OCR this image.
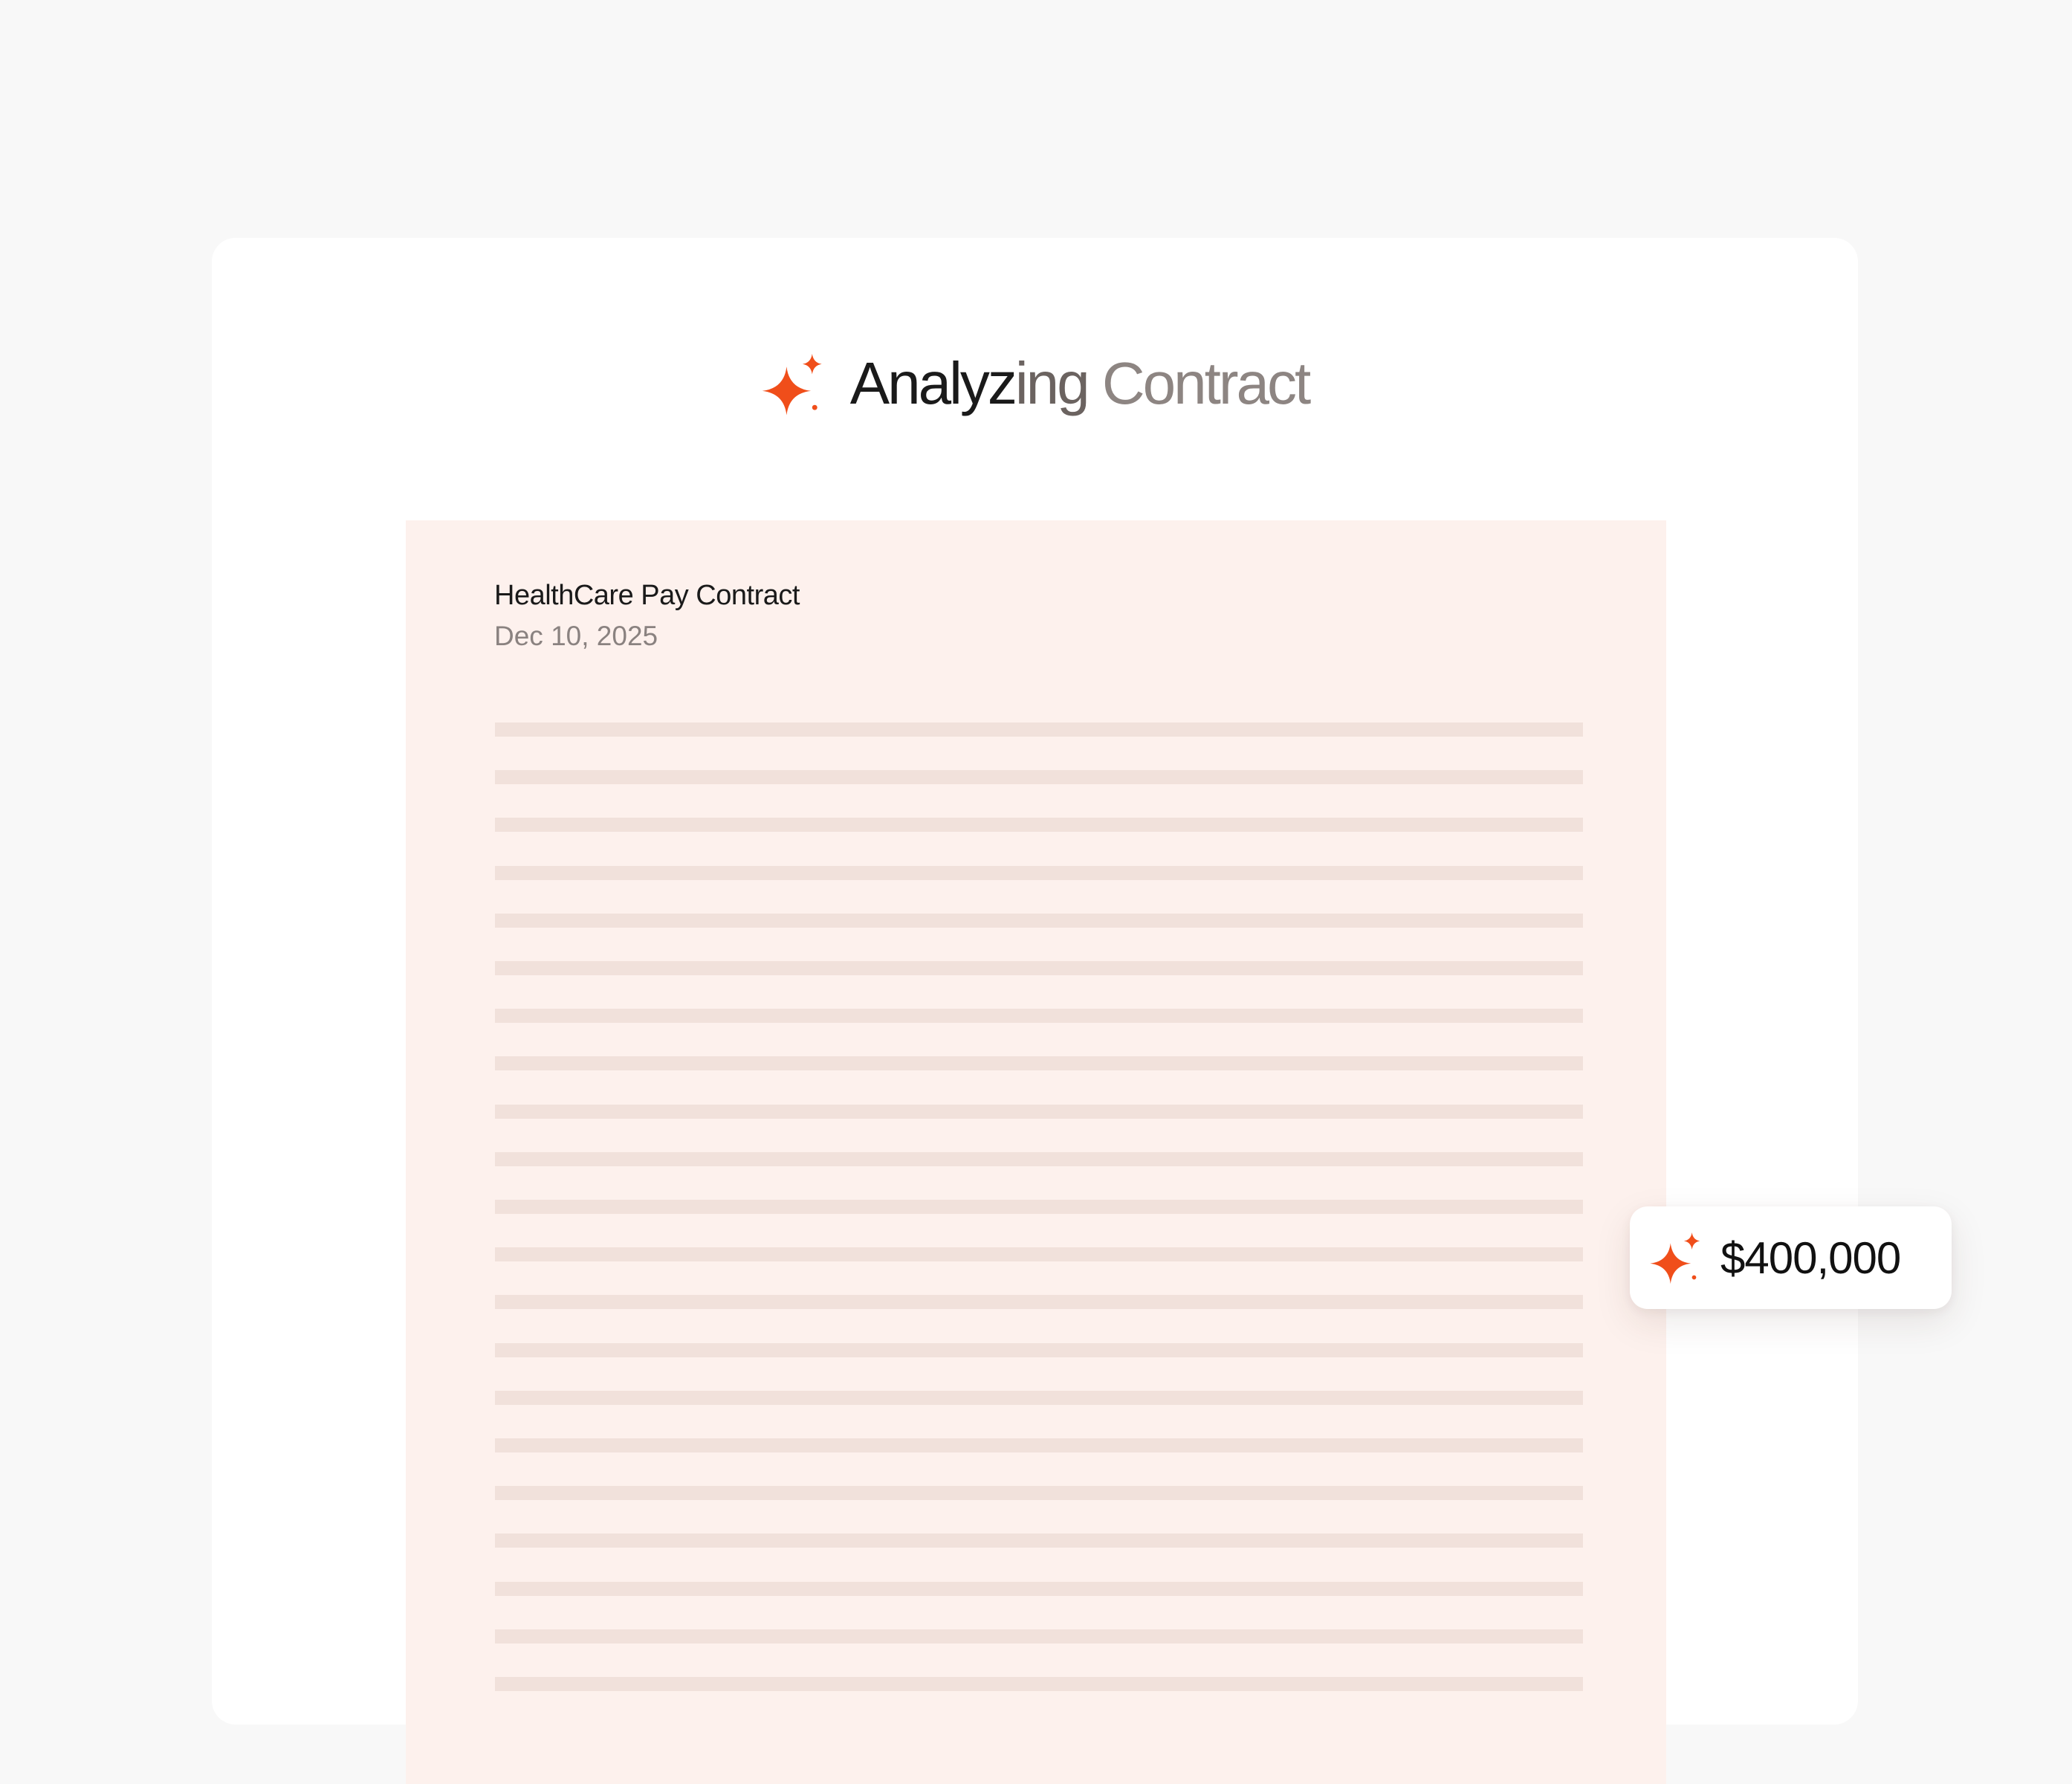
Analyzing Contract
HealthCare Pay Contract
Dec 10, 2025
$400,000
